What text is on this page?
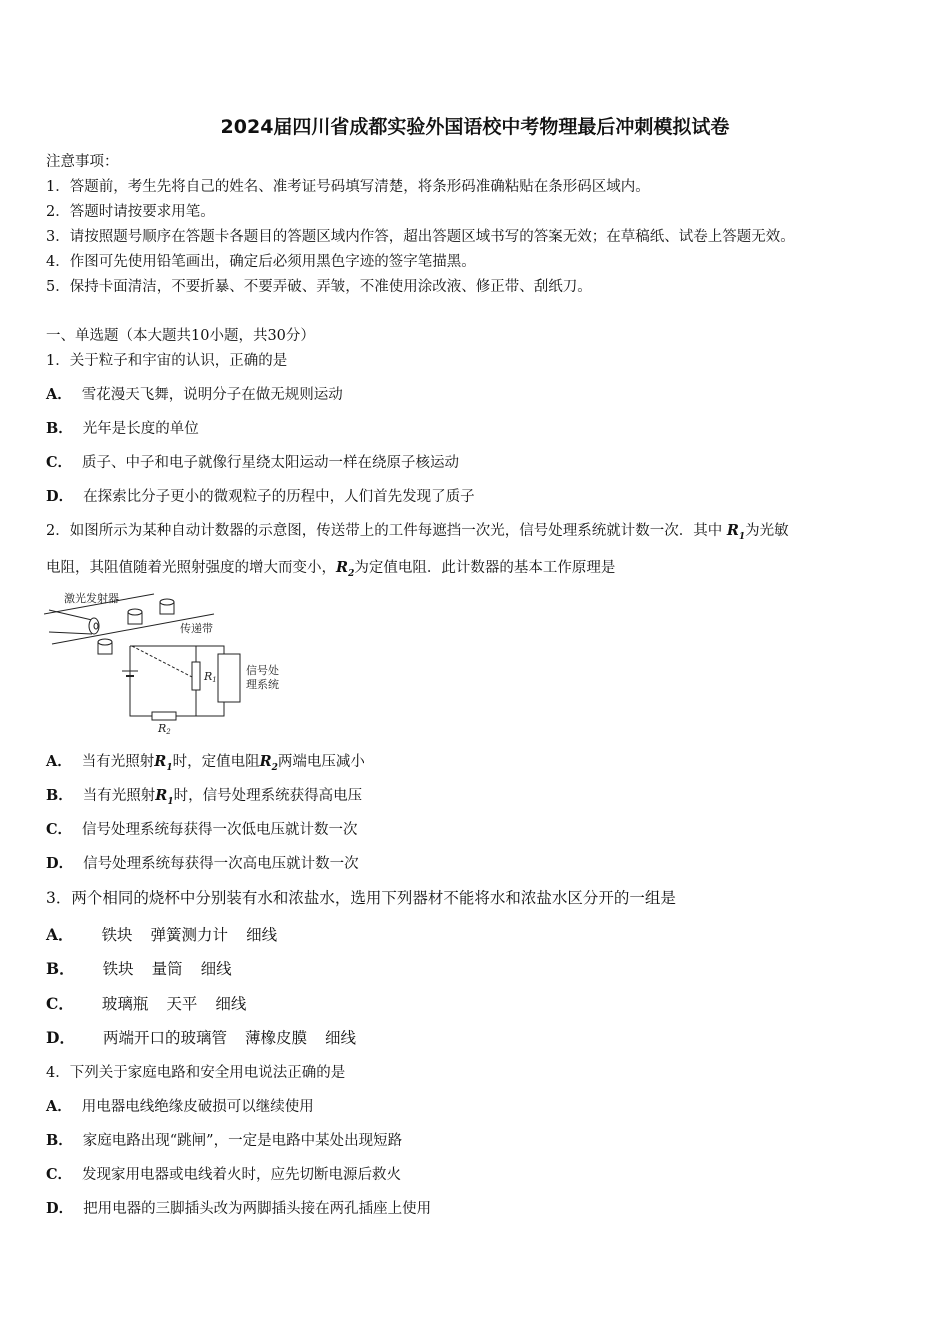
2024届四川省成都实验外国语校中考物理最后冲刺模拟试卷
注意事项：
1．答题前，考生先将自己的姓名、准考证号码填写清楚，将条形码准确粘贴在条形码区域内。
2．答题时请按要求用笔。
3．请按照题号顺序在答题卡各题目的答题区域内作答，超出答题区域书写的答案无效；在草稿纸、试卷上答题无效。
4．作图可先使用铅笔画出，确定后必须用黑色字迹的签字笔描黑。
5．保持卡面清洁，不要折暴、不要弄破、弄皱，不准使用涂改液、修正带、刮纸刀。
一、单选题（本大题共10小题，共30分）
1．关于粒子和宇宙的认识，正确的是
A． 雪花漫天飞舞，说明分子在做无规则运动
B． 光年是长度的单位
C． 质子、中子和电子就像行星绕太阳运动一样在绕原子核运动
D． 在探索比分子更小的微观粒子的历程中，人们首先发现了质子
2．如图所示为某种自动计数器的示意图，传送带上的工件每遮挡一次光，信号处理系统就计数一次．其中 $R_1$为光敏
电阻，其阻值随着光照射强度的增大而变小，$R_2$为定值电阻．此计数器的基本工作原理是
R1
R2
信号处
理系统
激光发射器
传递带
A． 当有光照射$R_1$时，定值电阻$R_2$两端电压减小
B． 当有光照射$R_1$时，信号处理系统获得高电压
C． 信号处理系统每获得一次低电压就计数一次
D． 信号处理系统每获得一次高电压就计数一次
3．两个相同的烧杯中分别装有水和浓盐水，选用下列器材不能将水和浓盐水区分开的一组是
A． 铁块 弹簧测力计 细线
B． 铁块 量筒 细线
C． 玻璃瓶 天平 细线
D． 两端开口的玻璃管 薄橡皮膜 细线
4．下列关于家庭电路和安全用电说法正确的是
A． 用电器电线绝缘皮破损可以继续使用
B． 家庭电路出现“跳闸”，一定是电路中某处出现短路
C． 发现家用电器或电线着火时，应先切断电源后救火
D． 把用电器的三脚插头改为两脚插头接在两孔插座上使用
